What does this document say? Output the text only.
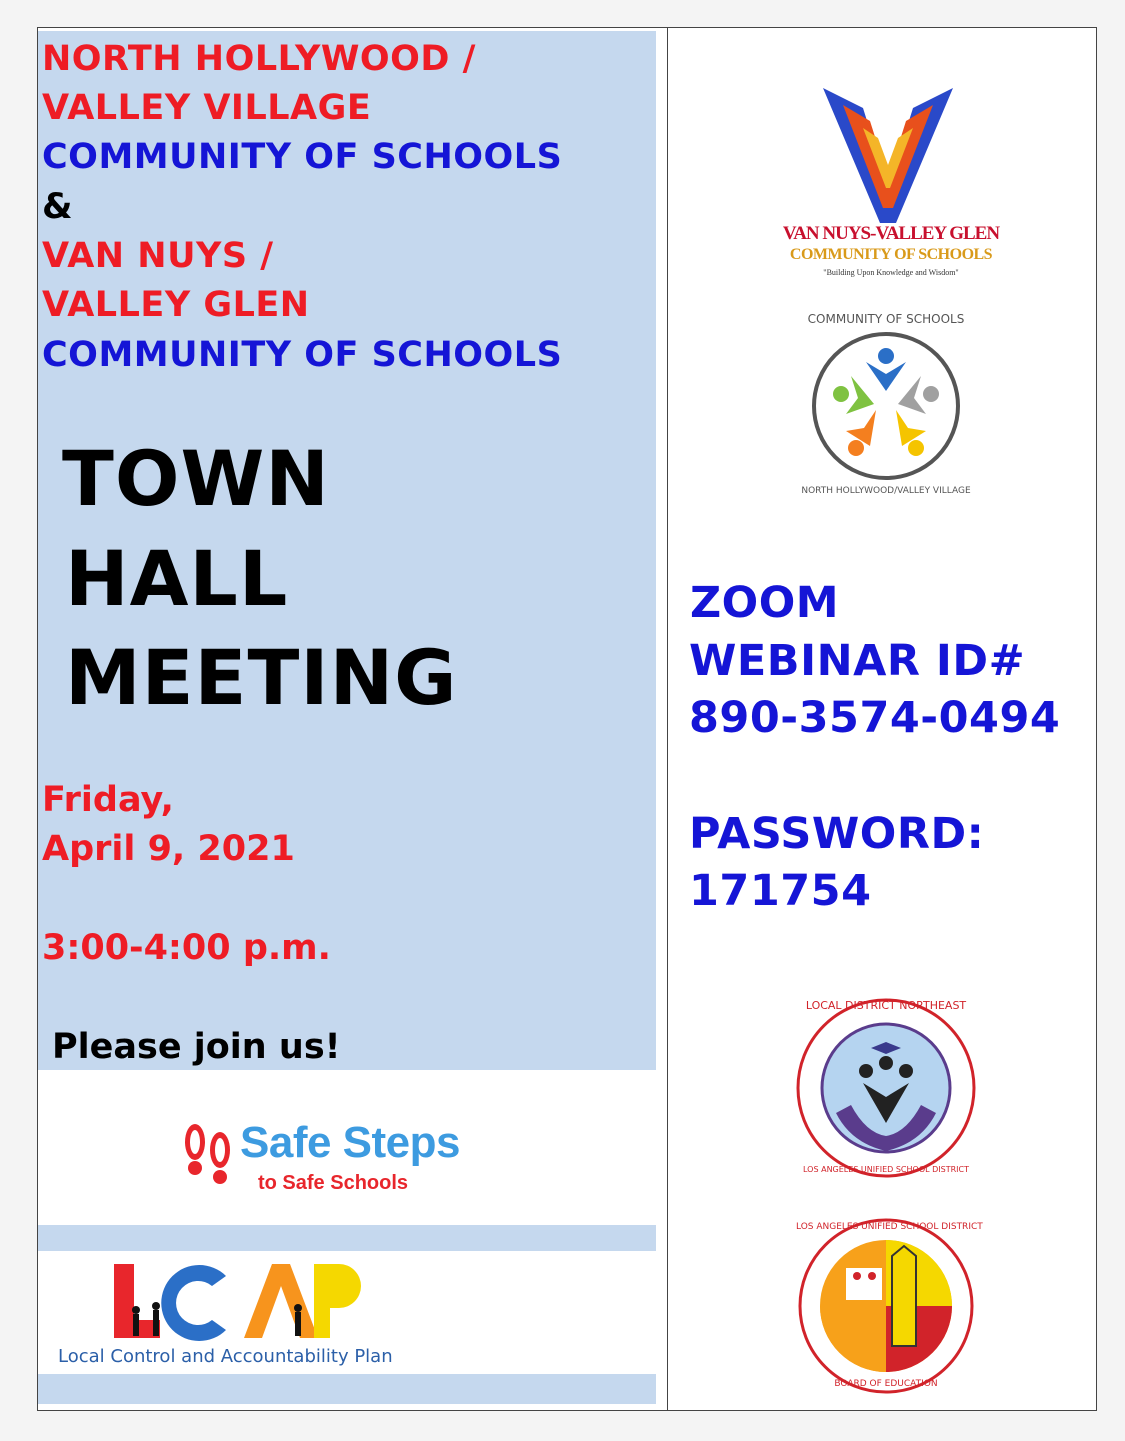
NORTH HOLLYWOOD /
VALLEY VILLAGE
COMMUNITY OF SCHOOLS
&
VAN NUYS /
VALLEY GLEN
COMMUNITY OF SCHOOLS
TOWN
HALL
MEETING
Friday,
April 9, 2021
3:00-4:00 p.m.
Please join us!
Safe Steps
to Safe Schools
Local Control and Accountability Plan
VAN NUYS-VALLEY GLEN
COMMUNITY OF SCHOOLS
"Building Upon Knowledge and Wisdom"
COMMUNITY OF SCHOOLS
NORTH HOLLYWOOD/VALLEY VILLAGE
ZOOM
WEBINAR ID#
890-3574-0494
PASSWORD:
171754
LOCAL DISTRICT NORTHEAST
LOS ANGELES UNIFIED SCHOOL DISTRICT
LOS ANGELES UNIFIED SCHOOL DISTRICT
BOARD OF EDUCATION
